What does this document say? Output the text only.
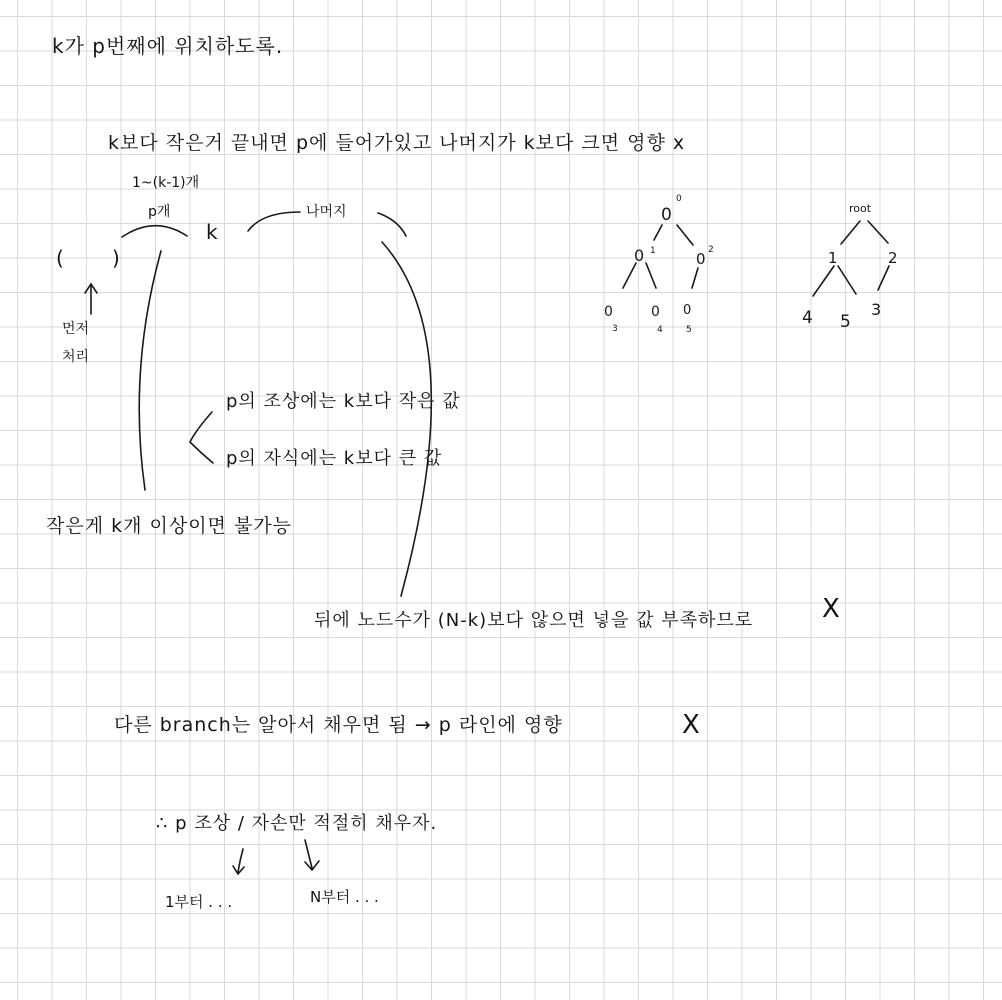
k가 p번째에 위치하도록.
k보다 작은거 끝내면 p에 들어가있고 나머지가 k보다 크면 영향 x
1~(k-1)개
p개
k
나머지
( )
먼저
처리
p의 조상에는 k보다 작은 값
p의 자식에는 k보다 큰 값
작은게 k개 이상이면 불가능
뒤에 노드수가 (N-k)보다 않으면 넣을 값 부족하므로	X
다른 branch는 알아서 채우면 됨 → p 라인에 영향	X
∴ p 조상 / 자손만 적절히 채우자.
1부터 . . .	N부터 . . .
0
0
0 1	0 2
0
3
0
4
0
5
root
1	2
4 5
3
